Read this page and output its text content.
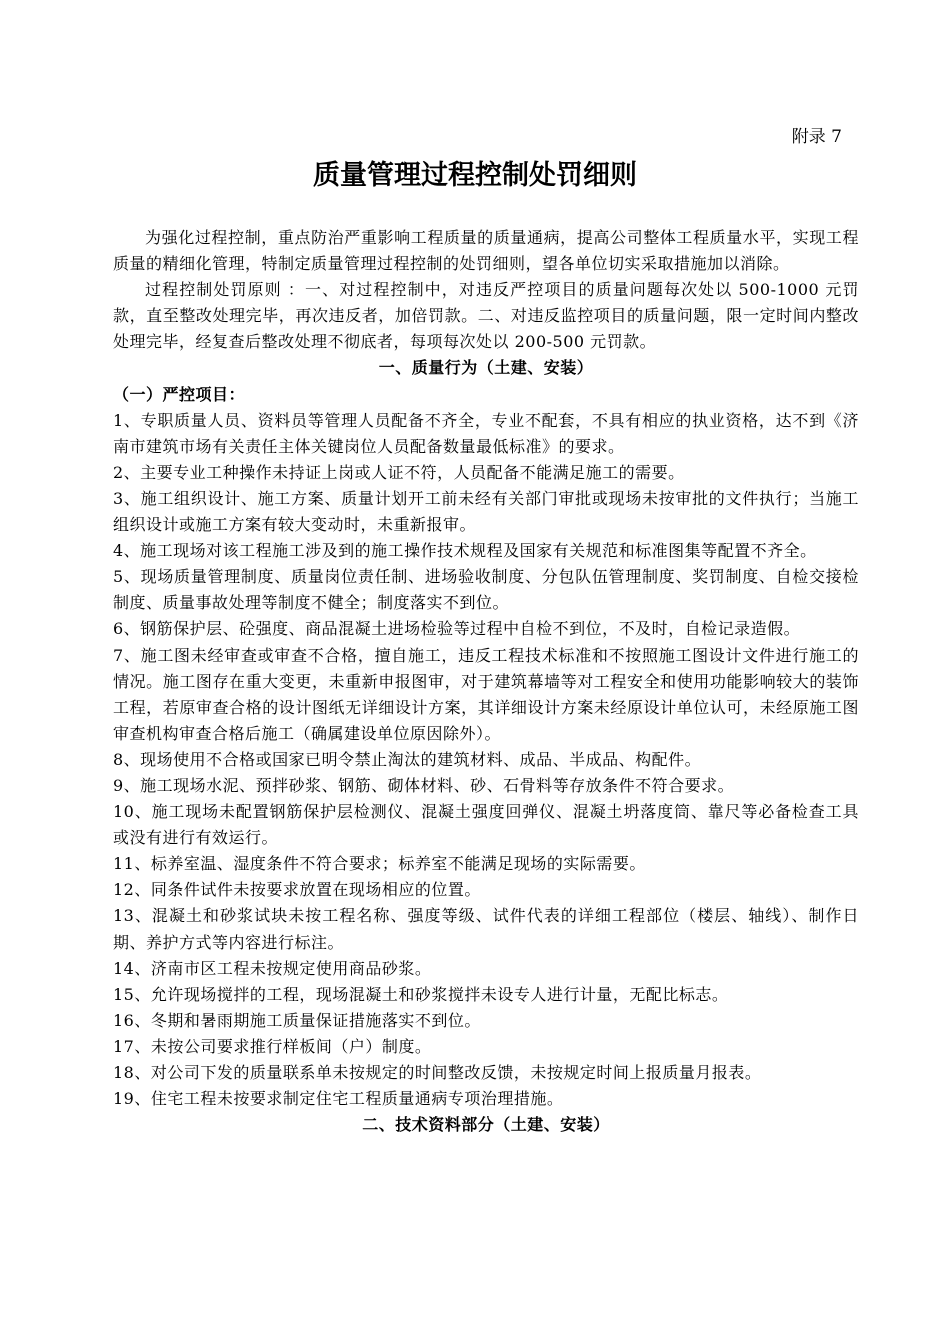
附录 7
质量管理过程控制处罚细则

为强化过程控制，重点防治严重影响工程质量的质量通病，提高公司整体工程质量水平，实现工程质量的精细化管理，特制定质量管理过程控制的处罚细则，望各单位切实采取措施加以消除。

过程控制处罚原则 ：一、对过程控制中，对违反严控项目的质量问题每次处以 500-1000 元罚款，直至整改处理完毕，再次违反者，加倍罚款。二、对违反监控项目的质量问题，限一定时间内整改处理完毕，经复查后整改处理不彻底者，每项每次处以 200-500 元罚款。

一、质量行为（土建、安装）

（一）严控项目：

1、专职质量人员、资料员等管理人员配备不齐全，专业不配套，不具有相应的执业资格，达不到《济南市建筑市场有关责任主体关键岗位人员配备数量最低标准》的要求。

2、主要专业工种操作未持证上岗或人证不符，人员配备不能满足施工的需要。

3、施工组织设计、施工方案、质量计划开工前未经有关部门审批或现场未按审批的文件执行；当施工组织设计或施工方案有较大变动时，未重新报审。

4、施工现场对该工程施工涉及到的施工操作技术规程及国家有关规范和标准图集等配置不齐全。

5、现场质量管理制度、质量岗位责任制、进场验收制度、分包队伍管理制度、奖罚制度、自检交接检制度、质量事故处理等制度不健全；制度落实不到位。

6、钢筋保护层、砼强度、商品混凝土进场检验等过程中自检不到位，不及时，自检记录造假。

7、施工图未经审查或审查不合格，擅自施工，违反工程技术标准和不按照施工图设计文件进行施工的情况。施工图存在重大变更，未重新申报图审，对于建筑幕墙等对工程安全和使用功能影响较大的装饰工程，若原审查合格的设计图纸无详细设计方案，其详细设计方案未经原设计单位认可，未经原施工图审查机构审查合格后施工（确属建设单位原因除外）。

8、现场使用不合格或国家已明令禁止淘汰的建筑材料、成品、半成品、构配件。

9、施工现场水泥、预拌砂浆、钢筋、砌体材料、砂、石骨料等存放条件不符合要求。

10、施工现场未配置钢筋保护层检测仪、混凝土强度回弹仪、混凝土坍落度筒、靠尺等必备检查工具或没有进行有效运行。

11、标养室温、湿度条件不符合要求；标养室不能满足现场的实际需要。

12、同条件试件未按要求放置在现场相应的位置。

13、混凝土和砂浆试块未按工程名称、强度等级、试件代表的详细工程部位（楼层、轴线）、制作日期、养护方式等内容进行标注。

14、济南市区工程未按规定使用商品砂浆。

15、允许现场搅拌的工程，现场混凝土和砂浆搅拌未设专人进行计量，无配比标志。

16、冬期和暑雨期施工质量保证措施落实不到位。

17、未按公司要求推行样板间（户）制度。

18、对公司下发的质量联系单未按规定的时间整改反馈，未按规定时间上报质量月报表。

19、住宅工程未按要求制定住宅工程质量通病专项治理措施。

二、技术资料部分（土建、安装）
